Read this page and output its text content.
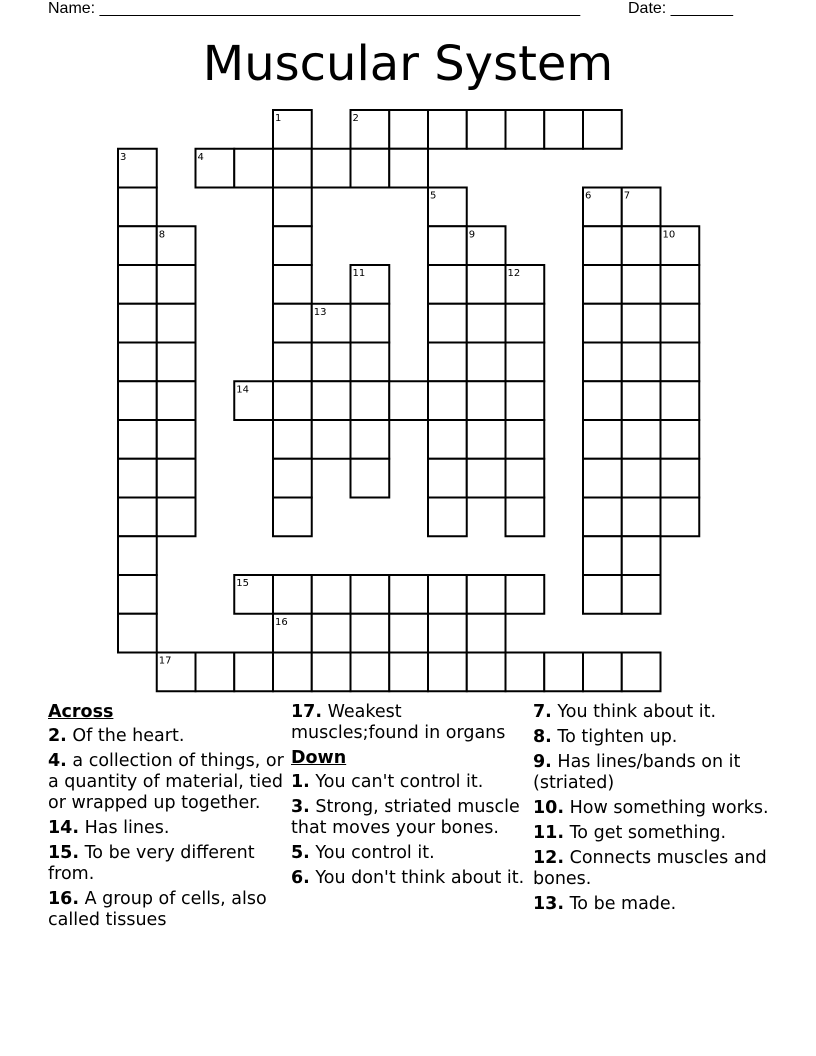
Name: ______________________________________________________	Date: _______
Muscular System
1	2
3	4
5	6	7
8	9	10
11	12
13
14
15
16
17
Across
2. Of the heart.
4. a collection of things, or a quantity of material, tied or wrapped up together.
14. Has lines.
15. To be very different from.
16. A group of cells, also called tissues
17. Weakest muscles;found in organs
Down
1. You can't control it.
3. Strong, striated muscle that moves your bones.
5. You control it.
6. You don't think about it.
7. You think about it.
8. To tighten up.
9. Has lines/bands on it (striated)
10. How something works.
11. To get something.
12. Connects muscles and bones.
13. To be made.
